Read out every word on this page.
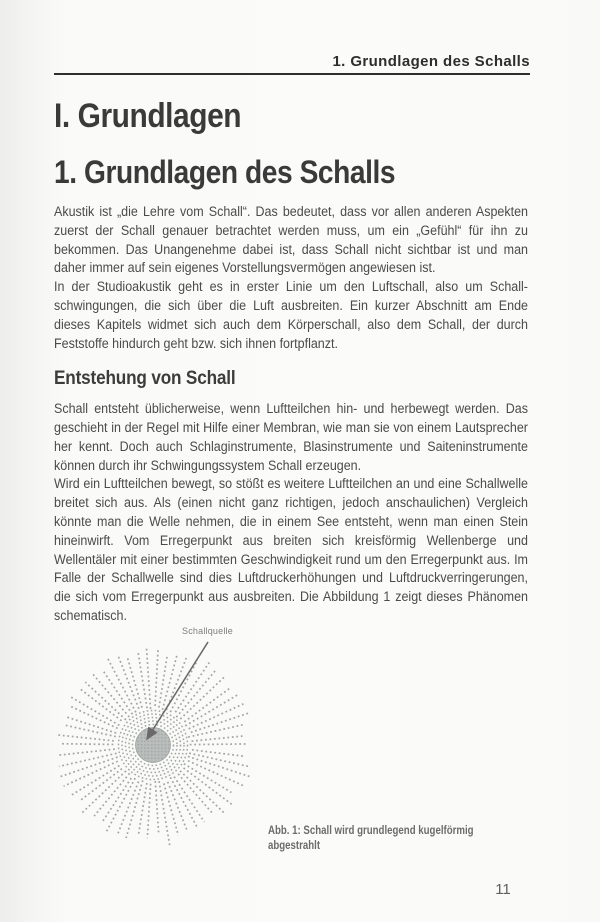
1. Grundlagen des Schalls
I. Grundlagen
1. Grundlagen des Schalls

Akustik ist „die Lehre vom Schall“. Das bedeutet, dass vor allen anderen Aspekten zuerst der Schall genauer betrachtet werden muss, um ein „Gefühl“ für ihn zu bekommen. Das Unangenehme dabei ist, dass Schall nicht sichtbar ist und man daher immer auf sein eigenes Vorstellungsvermögen angewiesen ist.

In der Studioakustik geht es in erster Linie um den Luftschall, also um Schallschwingungen, die sich über die Luft ausbreiten. Ein kurzer Abschnitt am Ende dieses Kapitels widmet sich auch dem Körperschall, also dem Schall, der durch Feststoffe hindurch geht bzw. sich ihnen fortpflanzt.

Entstehung von Schall

Schall entsteht üblicherweise, wenn Luftteilchen hin- und herbewegt werden. Das geschieht in der Regel mit Hilfe einer Membran, wie man sie von einem Lautsprecher her kennt. Doch auch Schlaginstrumente, Blasinstrumente und Saiteninstrumente können durch ihr Schwingungssystem Schall erzeugen.

Wird ein Luftteilchen bewegt, so stößt es weitere Luftteilchen an und eine Schallwelle breitet sich aus. Als (einen nicht ganz richtigen, jedoch anschaulichen) Vergleich könnte man die Welle nehmen, die in einem See entsteht, wenn man einen Stein hineinwirft. Vom Erregerpunkt aus breiten sich kreisförmig Wellenberge und Wellentäler mit einer bestimmten Geschwindigkeit rund um den Erregerpunkt aus. Im Falle der Schallwelle sind dies Luftdruckerhöhungen und Luftdruckverringerungen, die sich vom Erregerpunkt aus ausbreiten. Die Abbildung 1 zeigt dieses Phänomen schematisch.

Schallquelle
Abb. 1: Schall wird grundlegend kugelförmig abgestrahlt
11
